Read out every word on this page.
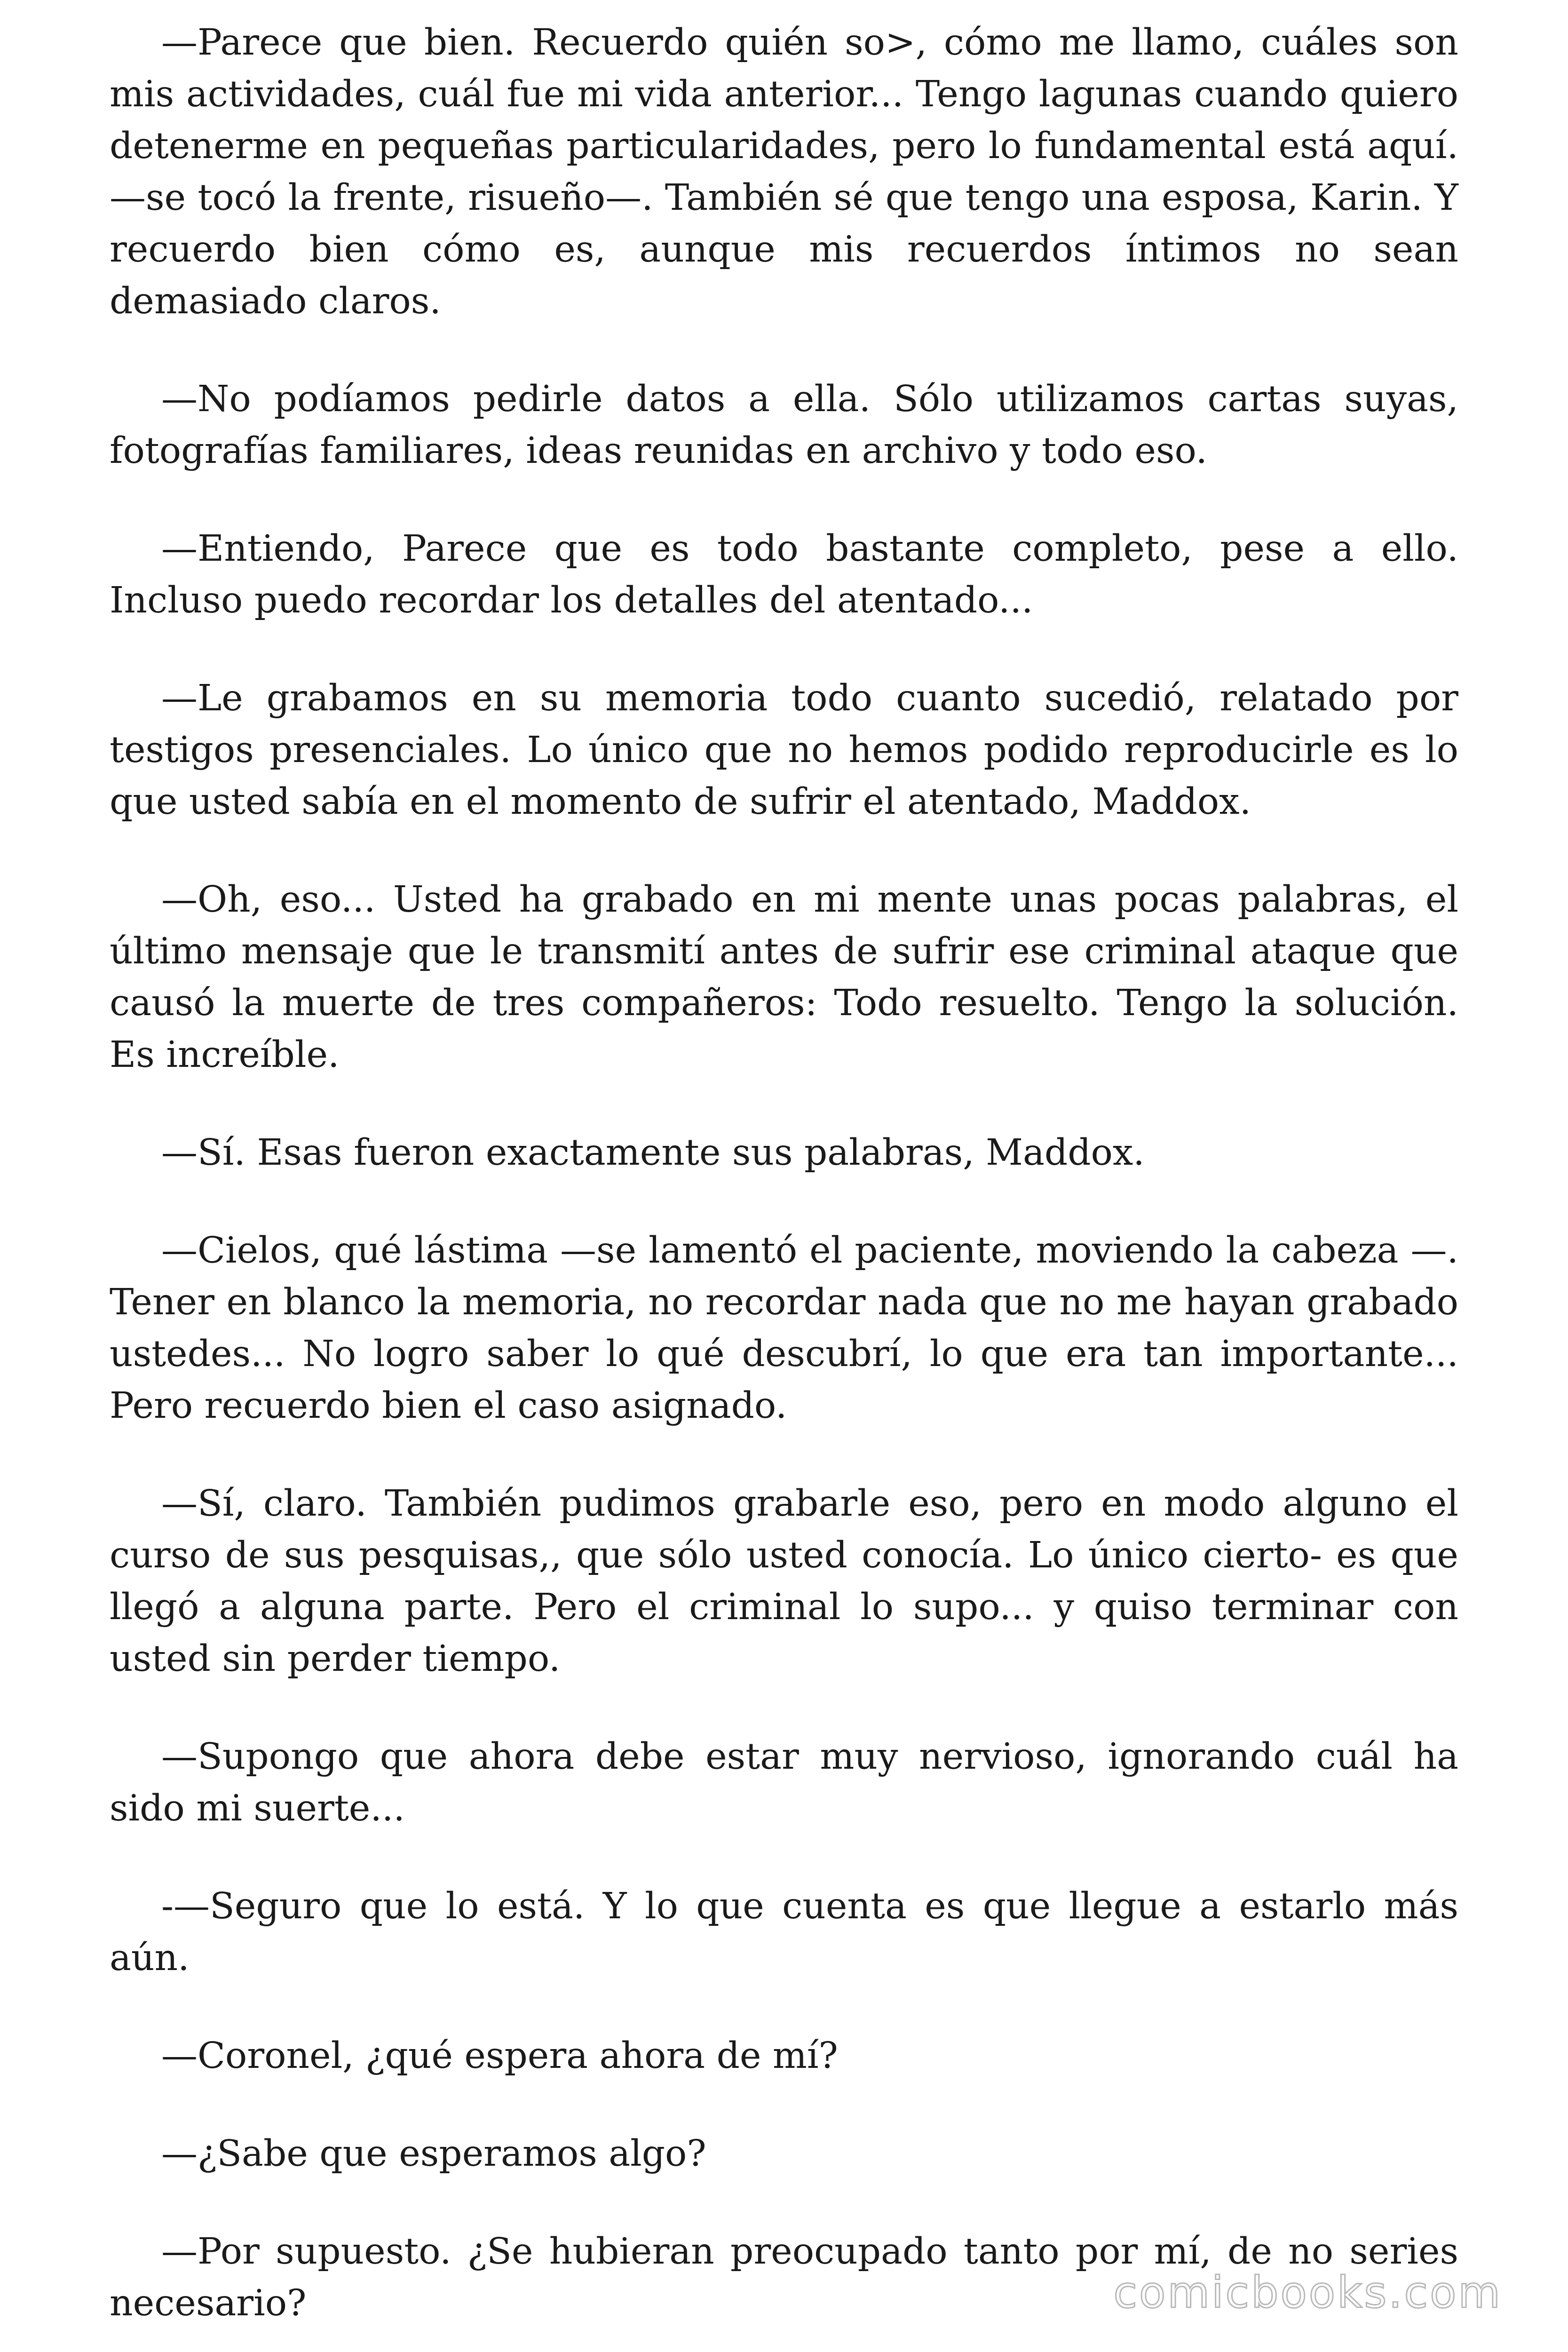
—Parece que bien. Recuerdo quién so>, cómo me llamo, cuáles son mis actividades, cuál fue mi vida anterior... Tengo lagunas cuando quiero detenerme en pequeñas particularidades, pero lo fundamental está aquí. —se tocó la frente, risueño—. También sé que tengo una esposa, Karin. Y recuerdo bien cómo es, aunque mis recuerdos íntimos no sean demasiado claros.

—No podíamos pedirle datos a ella. Sólo utilizamos cartas suyas, fotografías familiares, ideas reunidas en archivo y todo eso.

—Entiendo, Parece que es todo bastante completo, pese a ello. Incluso puedo recordar los detalles del atentado...

—Le grabamos en su memoria todo cuanto sucedió, relatado por testigos presenciales. Lo único que no hemos podido reproducirle es lo que usted sabía en el momento de sufrir el atentado, Maddox.

—Oh, eso... Usted ha grabado en mi mente unas pocas palabras, el último mensaje que le transmití antes de sufrir ese criminal ataque que causó la muerte de tres compañeros: Todo resuelto. Tengo la solución. Es increíble.

—Sí. Esas fueron exactamente sus palabras, Maddox.

—Cielos, qué lástima —se lamentó el paciente, moviendo la cabeza —. Tener en blanco la memoria, no recordar nada que no me hayan grabado ustedes... No logro saber lo qué descubrí, lo que era tan importante... Pero recuerdo bien el caso asignado.

—Sí, claro. También pudimos grabarle eso, pero en modo alguno el curso de sus pesquisas,, que sólo usted conocía. Lo único cierto- es que llegó a alguna parte. Pero el criminal lo supo... y quiso terminar con usted sin perder tiempo.

—Supongo que ahora debe estar muy nervioso, ignorando cuál ha sido mi suerte...

-—Seguro que lo está. Y lo que cuenta es que llegue a estarlo más aún.

—Coronel, ¿qué espera ahora de mí?

—¿Sabe que esperamos algo?

—Por supuesto. ¿Se hubieran preocupado tanto por mí, de no series necesario?	comicbooks.com
